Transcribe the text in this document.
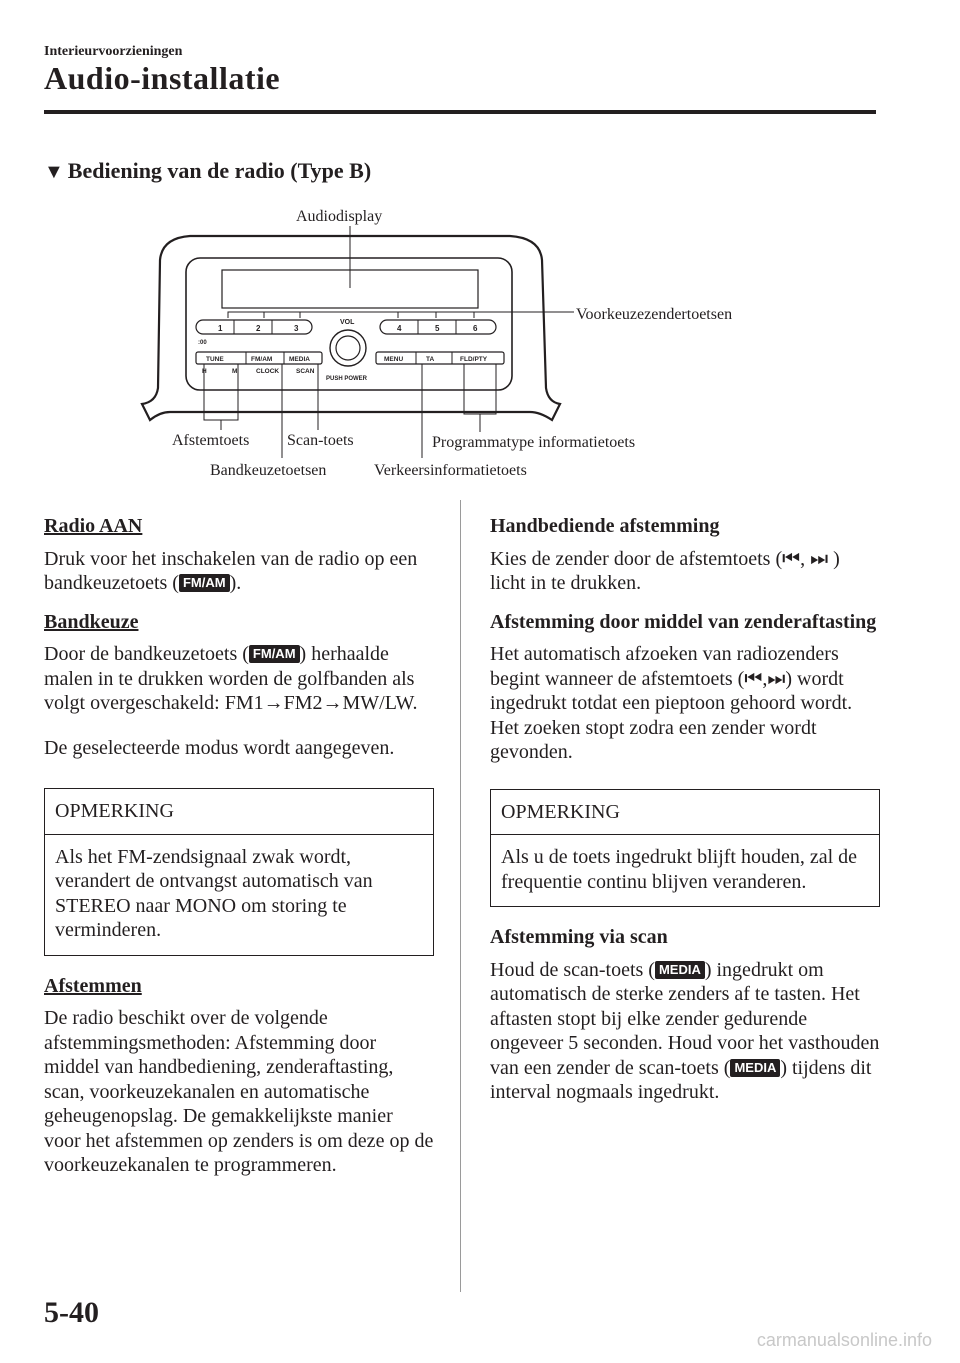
Interieurvoorzieningen
Audio-installatie
▼ Bediening van de radio (Type B)
1	2	3	4	5	6
:00
VOL
PUSH POWER
TUNE	FM/AM	MEDIA	MENU	TA	FLD/PTY
H	M	CLOCK	SCAN
Audiodisplay
Voorkeuzezendertoetsen
Afstemtoets Scan-toets	Programmatype informatietoets
Bandkeuzetoetsen	Verkeersinformatietoets
Radio AAN

Druk voor het inschakelen van de radio op een bandkeuzetoets ( FM/AM ).

Bandkeuze

Door de bandkeuzetoets ( FM/AM ) herhaalde malen in te drukken worden de golfbanden als volgt overgeschakeld: FM1→FM2→MW/LW.

De geselecteerde modus wordt aangegeven.

OPMERKING
Als het FM-zendsignaal zwak wordt, verandert de ontvangst automatisch van STEREO naar MONO om storing te verminderen.
Afstemmen

De radio beschikt over de volgende afstemmingsmethoden: Afstemming door middel van handbediening, zenderaftasting, scan, voorkeuzekanalen en automatische geheugenopslag. De gemakkelijkste manier voor het afstemmen op zenders is om deze op de voorkeuzekanalen te programmeren.

Handbediende afstemming

Kies de zender door de afstemtoets (⏮, ⏭ ) licht in te drukken.

Afstemming door middel van zenderaftasting

Het automatisch afzoeken van radiozenders begint wanneer de afstemtoets (⏮,⏭) wordt ingedrukt totdat een pieptoon gehoord wordt. Het zoeken stopt zodra een zender wordt gevonden.

OPMERKING
Als u de toets ingedrukt blijft houden, zal de frequentie continu blijven veranderen.
Afstemming via scan

Houd de scan-toets ( MEDIA ) ingedrukt om automatisch de sterke zenders af te tasten. Het aftasten stopt bij elke zender gedurende ongeveer 5 seconden. Houd voor het vasthouden van een zender de scan-toets ( MEDIA ) tijdens dit interval nogmaals ingedrukt.

5-40
carmanualsonline.info
